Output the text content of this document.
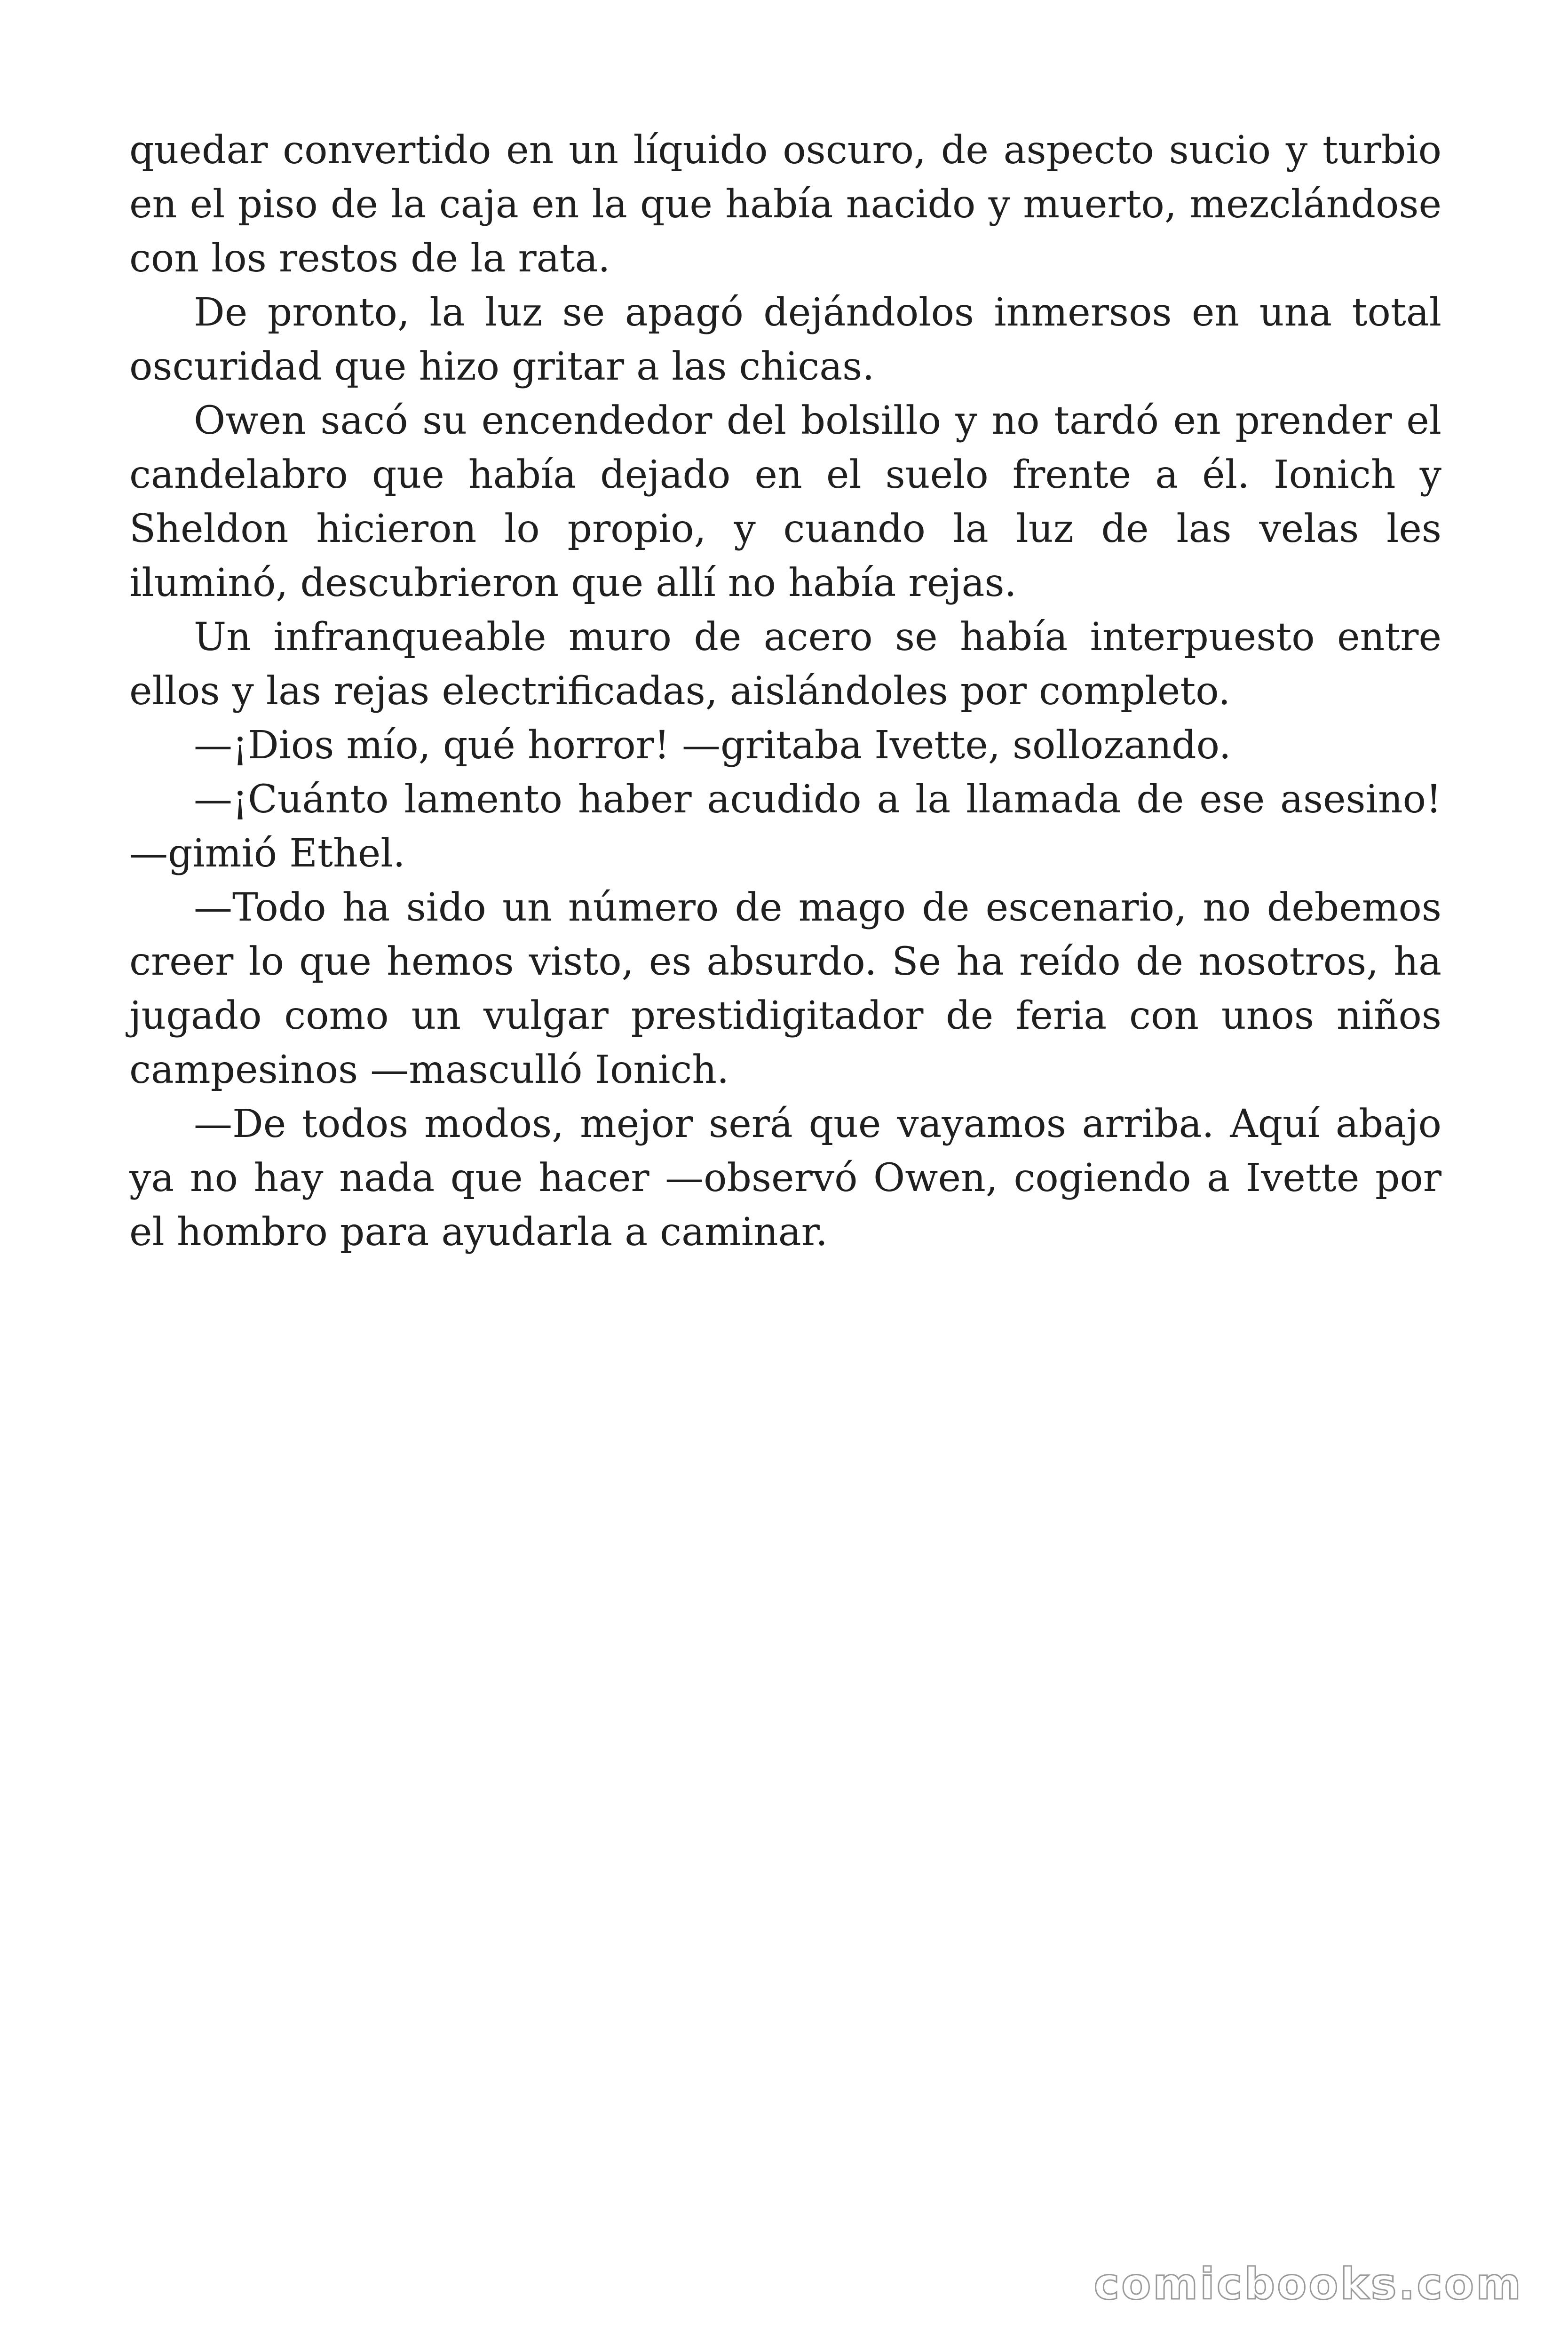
quedar convertido en un líquido oscuro, de aspecto sucio y turbio en el piso de la caja en la que había nacido y muerto, mezclándose con los restos de la rata.

De pronto, la luz se apagó dejándolos inmersos en una total oscuridad que hizo gritar a las chicas.

Owen sacó su encendedor del bolsillo y no tardó en prender el candelabro que había dejado en el suelo frente a él. Ionich y Sheldon hicieron lo propio, y cuando la luz de las velas les iluminó, descubrieron que allí no había rejas.

Un infranqueable muro de acero se había interpuesto entre ellos y las rejas electrificadas, aislándoles por completo.

—¡Dios mío, qué horror! —gritaba Ivette, sollozando.

—¡Cuánto lamento haber acudido a la llamada de ese asesino! —gimió Ethel.

—Todo ha sido un número de mago de escenario, no debemos creer lo que hemos visto, es absurdo. Se ha reído de nosotros, ha jugado como un vulgar prestidigitador de feria con unos niños campesinos —masculló Ionich.

—De todos modos, mejor será que vayamos arriba. Aquí abajo ya no hay nada que hacer —observó Owen, cogiendo a Ivette por el hombro para ayudarla a caminar.

comicbooks.com
